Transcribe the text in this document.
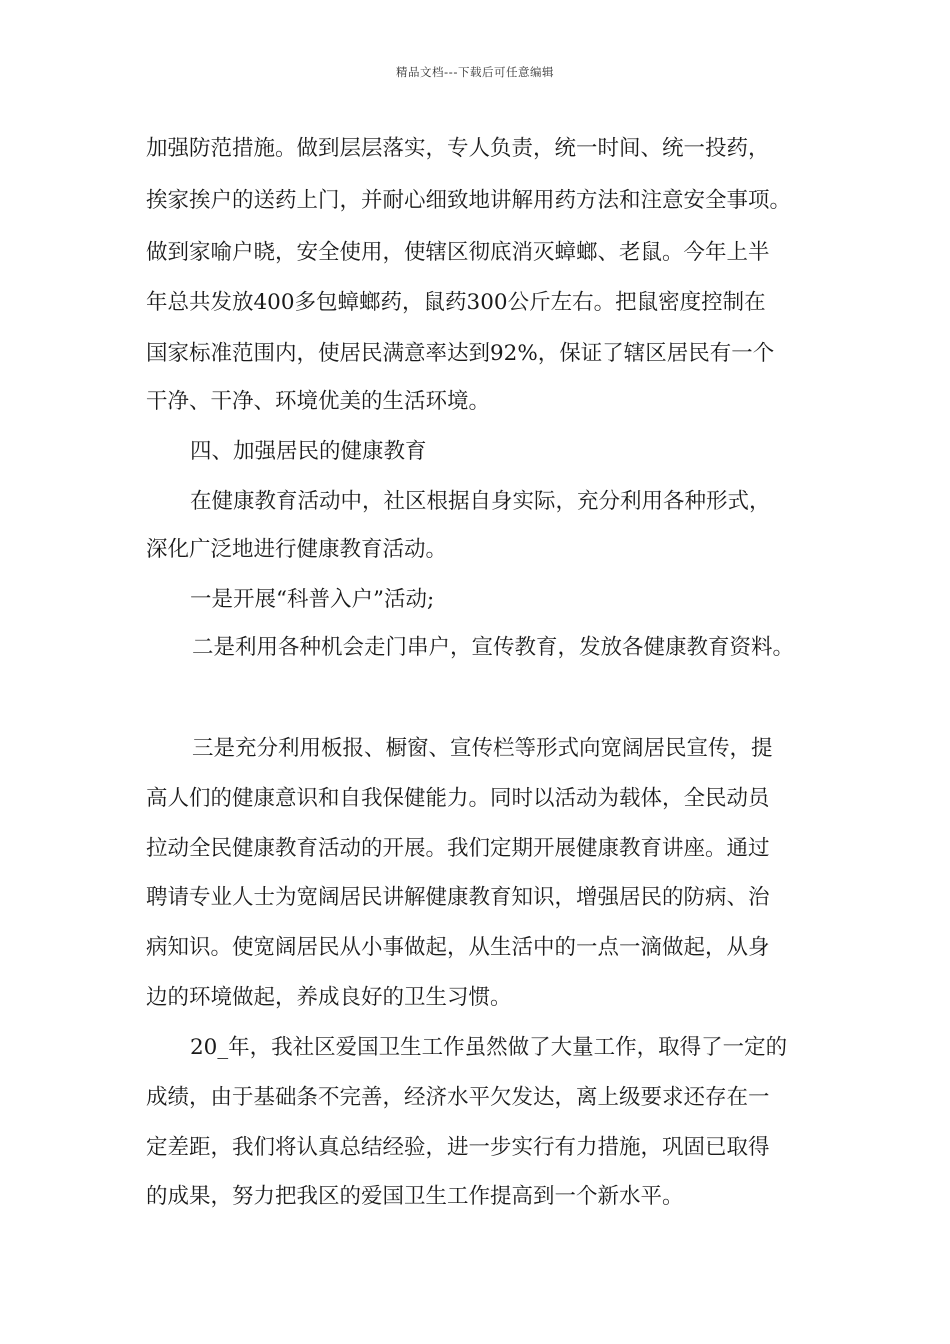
精品文档---下载后可任意编辑

加强防范措施。做到层层落实，专人负责，统一时间、统一投药，

挨家挨户的送药上门，并耐心细致地讲解用药方法和注意安全事项。

做到家喻户晓，安全使用，使辖区彻底消灭蟑螂、老鼠。今年上半

年总共发放400多包蟑螂药，鼠药300公斤左右。把鼠密度控制在

国家标准范围内，使居民满意率达到92%，保证了辖区居民有一个

干净、干净、环境优美的生活环境。

四、加强居民的健康教育

在健康教育活动中，社区根据自身实际，充分利用各种形式，

深化广泛地进行健康教育活动。

一是开展“科普入户”活动;

二是利用各种机会走门串户，宣传教育，发放各健康教育资料。

三是充分利用板报、橱窗、宣传栏等形式向宽阔居民宣传，提

高人们的健康意识和自我保健能力。同时以活动为载体，全民动员

拉动全民健康教育活动的开展。我们定期开展健康教育讲座。通过

聘请专业人士为宽阔居民讲解健康教育知识，增强居民的防病、治

病知识。使宽阔居民从小事做起，从生活中的一点一滴做起，从身

边的环境做起，养成良好的卫生习惯。

20_年，我社区爱国卫生工作虽然做了大量工作，取得了一定的

成绩，由于基础条不完善，经济水平欠发达，离上级要求还存在一

定差距，我们将认真总结经验，进一步实行有力措施，巩固已取得

的成果，努力把我区的爱国卫生工作提高到一个新水平。
